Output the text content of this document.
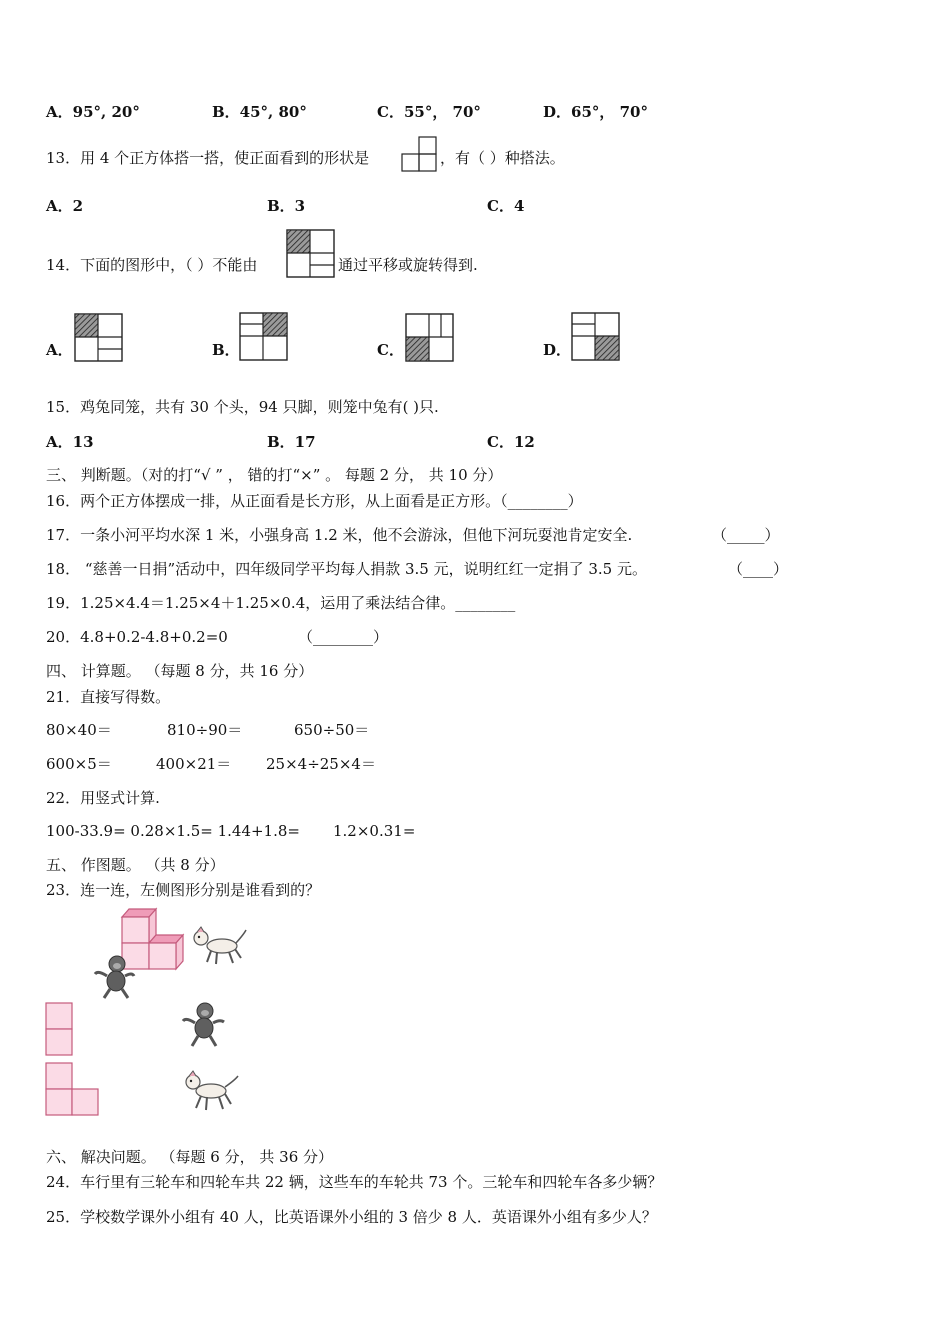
A．95°, 20°	B．45°, 80°	C．55°， 70°	D．65°， 70°
13．用 4 个正方体搭一搭，使正面看到的形状是	，有（ ）种搭法。
A．2	B．3	C．4
14．下面的图形中，（ ）不能由	通过平移或旋转得到.
A．	B．	C．	D．
15．鸡兔同笼，共有 30 个头，94 只脚，则笼中兔有( )只.
A．13	B．17	C．12
三、 判断题。（对的打“√ ” ， 错的打“×” 。 每题 2 分， 共 10 分）
16．两个正方体摆成一排，从正面看是长方形，从上面看是正方形。（________）
17．一条小河平均水深 1 米，小强身高 1.2 米，他不会游泳，但他下河玩耍池肯定安全.	（_____）
18． “慈善一日捐”活动中，四年级同学平均每人捐款 3.5 元，说明红红一定捐了 3.5 元。	（____）
19．1.25×4.4＝1.25×4＋1.25×0.4，运用了乘法结合律。________
20．4.8+0.2-4.8+0.2=0	（________）
四、 计算题。 （每题 8 分，共 16 分）
21．直接写得数。
80×40＝	810÷90＝	650÷50＝
600×5＝	400×21＝ 25×4÷25×4＝
22．用竖式计算.
100-33.9= 0.28×1.5= 1.44+1.8= 1.2×0.31=
五、 作图题。 （共 8 分）
23．连一连，左侧图形分别是谁看到的？
六、 解决问题。 （每题 6 分， 共 36 分）
24．车行里有三轮车和四轮车共 22 辆，这些车的车轮共 73 个。三轮车和四轮车各多少辆？
25．学校数学课外小组有 40 人，比英语课外小组的 3 倍少 8 人．英语课外小组有多少人？
